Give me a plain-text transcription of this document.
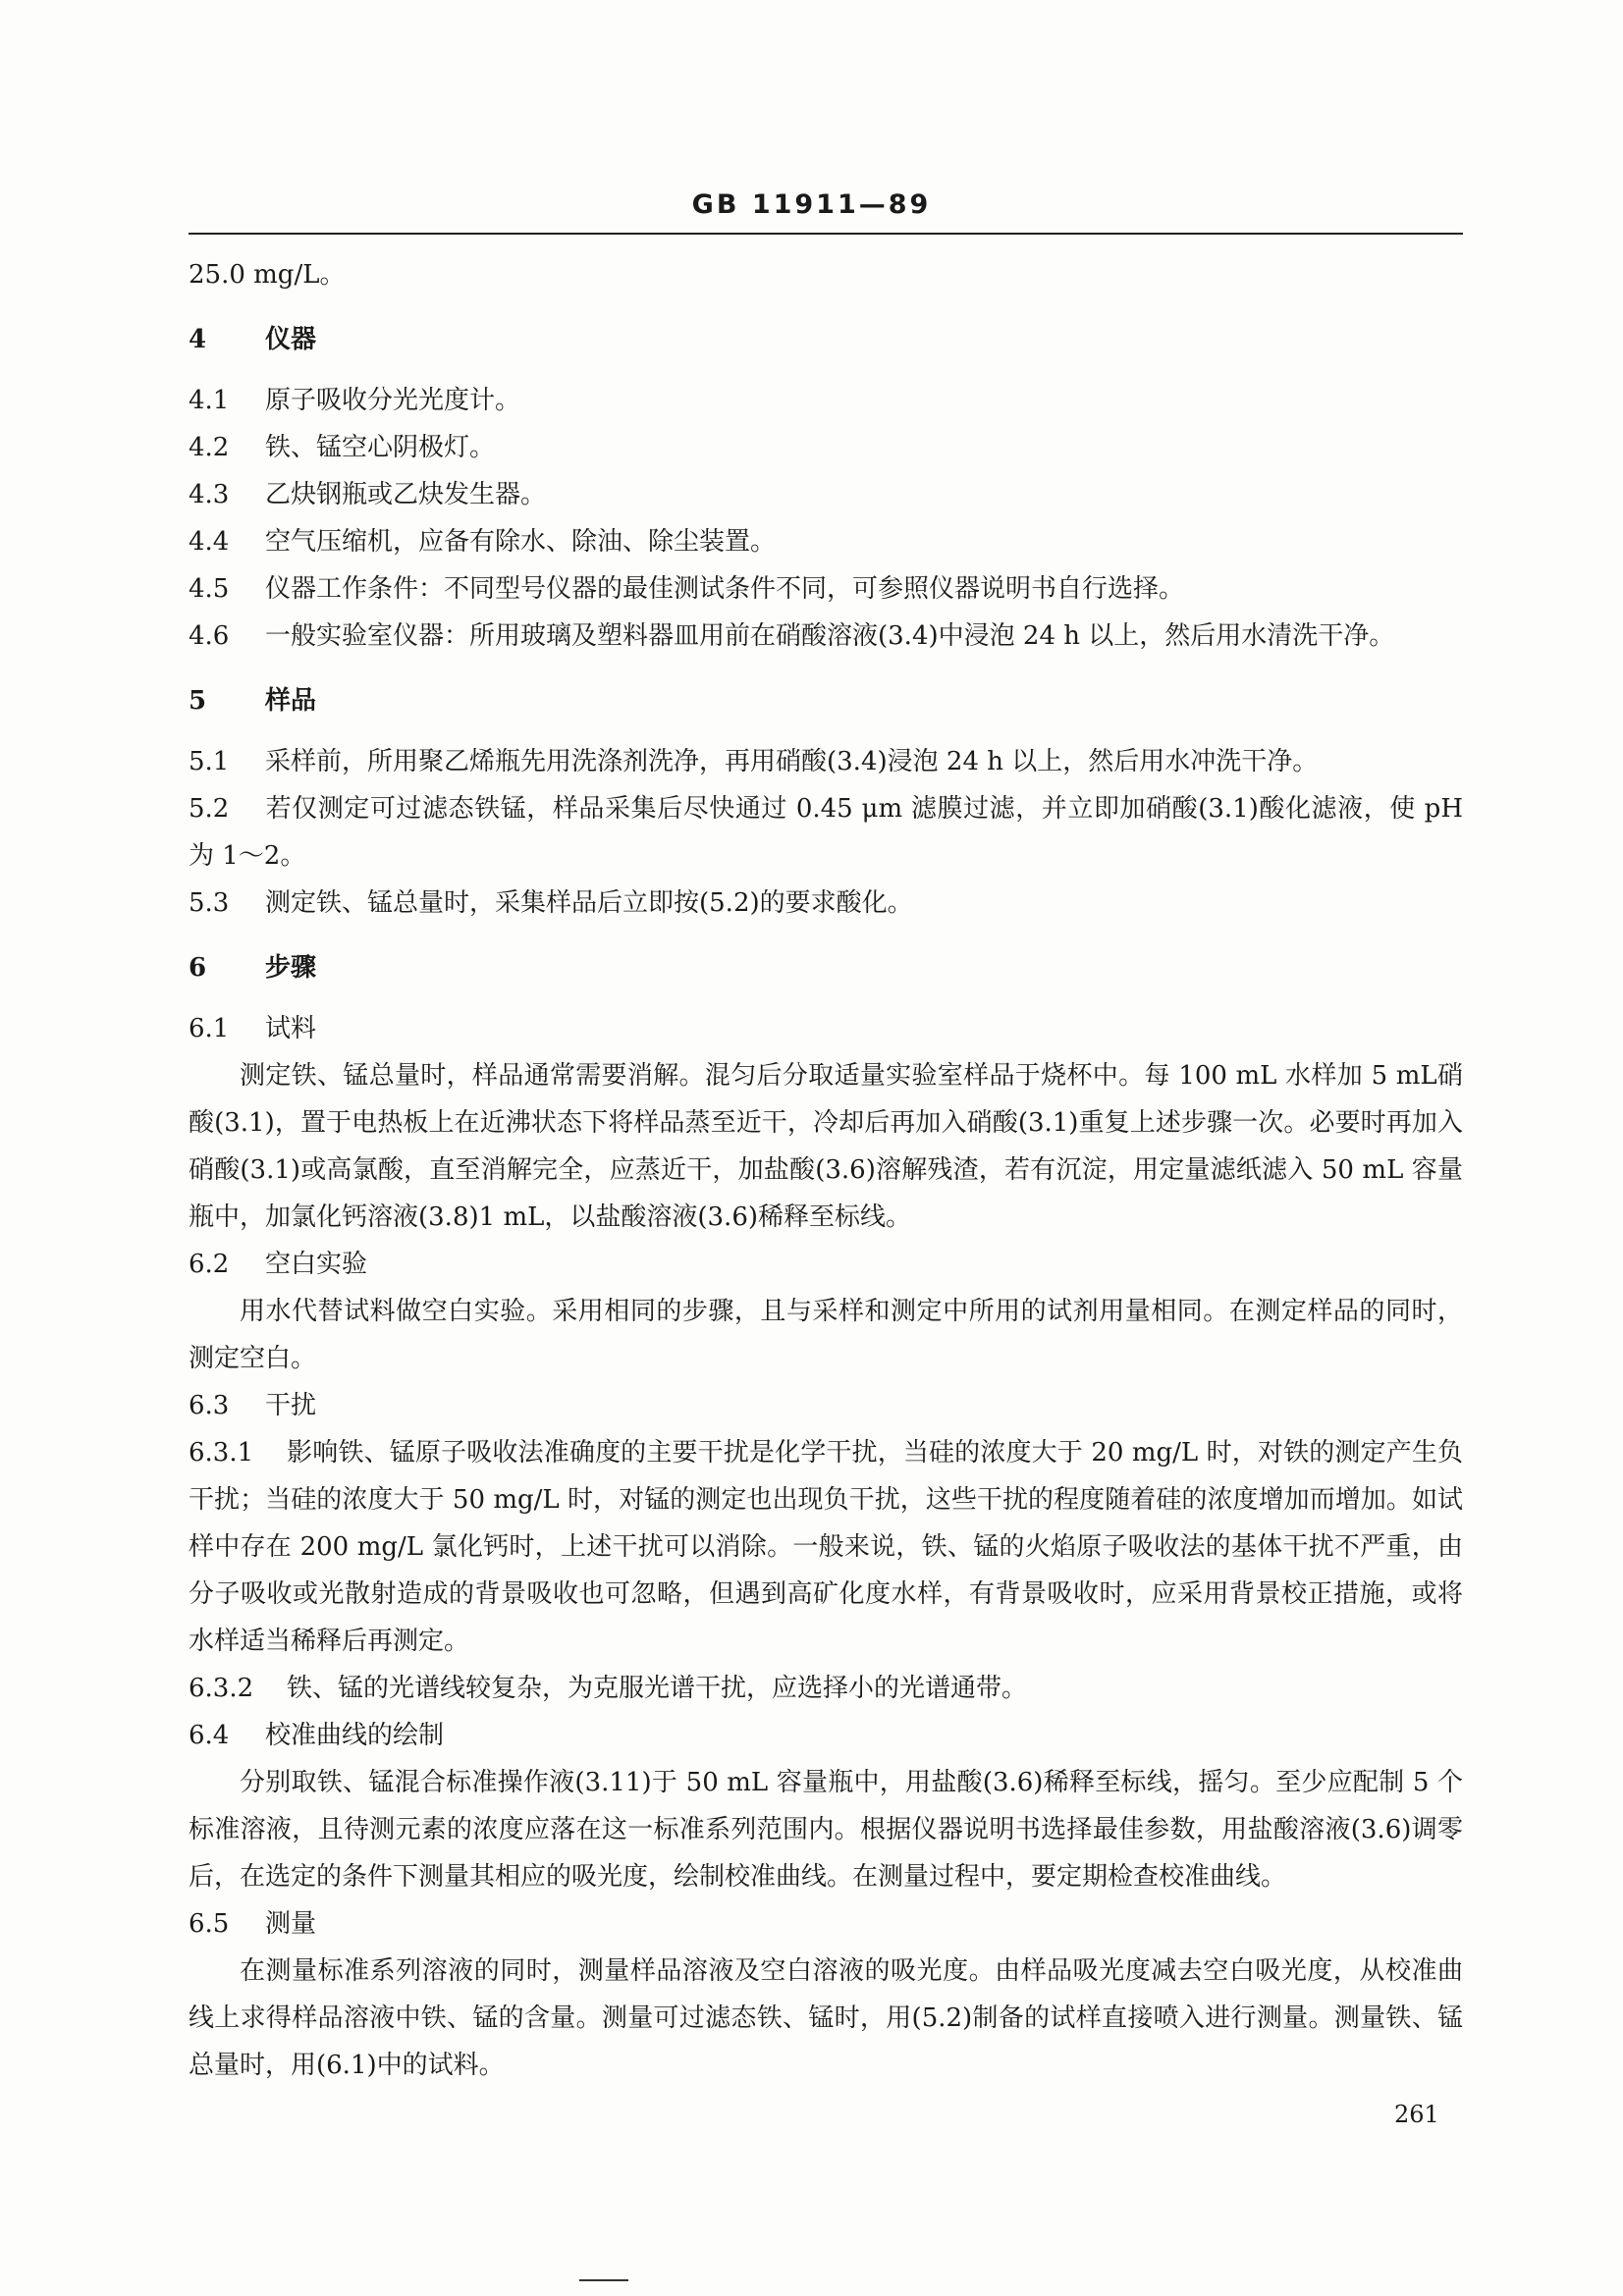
GB 11911—89
25.0 mg/L。
4 仪器
4.1 原子吸收分光光度计。
4.2 铁、锰空心阴极灯。
4.3 乙炔钢瓶或乙炔发生器。
4.4 空气压缩机，应备有除水、除油、除尘装置。
4.5 仪器工作条件：不同型号仪器的最佳测试条件不同，可参照仪器说明书自行选择。
4.6 一般实验室仪器：所用玻璃及塑料器皿用前在硝酸溶液(3.4)中浸泡 24 h 以上，然后用水清洗干净。
5 样品
5.1 采样前，所用聚乙烯瓶先用洗涤剂洗净，再用硝酸(3.4)浸泡 24 h 以上，然后用水冲洗干净。
5.2 若仅测定可过滤态铁锰，样品采集后尽快通过 0.45 μm 滤膜过滤，并立即加硝酸(3.1)酸化滤液，使 pH 为 1～2。
5.3 测定铁、锰总量时，采集样品后立即按(5.2)的要求酸化。
6 步骤
6.1 试料
测定铁、锰总量时，样品通常需要消解。混匀后分取适量实验室样品于烧杯中。每 100 mL 水样加 5 mL硝酸(3.1)，置于电热板上在近沸状态下将样品蒸至近干，冷却后再加入硝酸(3.1)重复上述步骤一次。必要时再加入硝酸(3.1)或高氯酸，直至消解完全，应蒸近干，加盐酸(3.6)溶解残渣，若有沉淀，用定量滤纸滤入 50 mL 容量瓶中，加氯化钙溶液(3.8)1 mL，以盐酸溶液(3.6)稀释至标线。
6.2 空白实验
用水代替试料做空白实验。采用相同的步骤，且与采样和测定中所用的试剂用量相同。在测定样品的同时，测定空白。
6.3 干扰
6.3.1 影响铁、锰原子吸收法准确度的主要干扰是化学干扰，当硅的浓度大于 20 mg/L 时，对铁的测定产生负干扰；当硅的浓度大于 50 mg/L 时，对锰的测定也出现负干扰，这些干扰的程度随着硅的浓度增加而增加。如试样中存在 200 mg/L 氯化钙时，上述干扰可以消除。一般来说，铁、锰的火焰原子吸收法的基体干扰不严重，由分子吸收或光散射造成的背景吸收也可忽略，但遇到高矿化度水样，有背景吸收时，应采用背景校正措施，或将水样适当稀释后再测定。
6.3.2 铁、锰的光谱线较复杂，为克服光谱干扰，应选择小的光谱通带。
6.4 校准曲线的绘制
分别取铁、锰混合标准操作液(3.11)于 50 mL 容量瓶中，用盐酸(3.6)稀释至标线，摇匀。至少应配制 5 个标准溶液，且待测元素的浓度应落在这一标准系列范围内。根据仪器说明书选择最佳参数，用盐酸溶液(3.6)调零后，在选定的条件下测量其相应的吸光度，绘制校准曲线。在测量过程中，要定期检查校准曲线。
6.5 测量
在测量标准系列溶液的同时，测量样品溶液及空白溶液的吸光度。由样品吸光度减去空白吸光度，从校准曲线上求得样品溶液中铁、锰的含量。测量可过滤态铁、锰时，用(5.2)制备的试样直接喷入进行测量。测量铁、锰总量时，用(6.1)中的试料。
261
